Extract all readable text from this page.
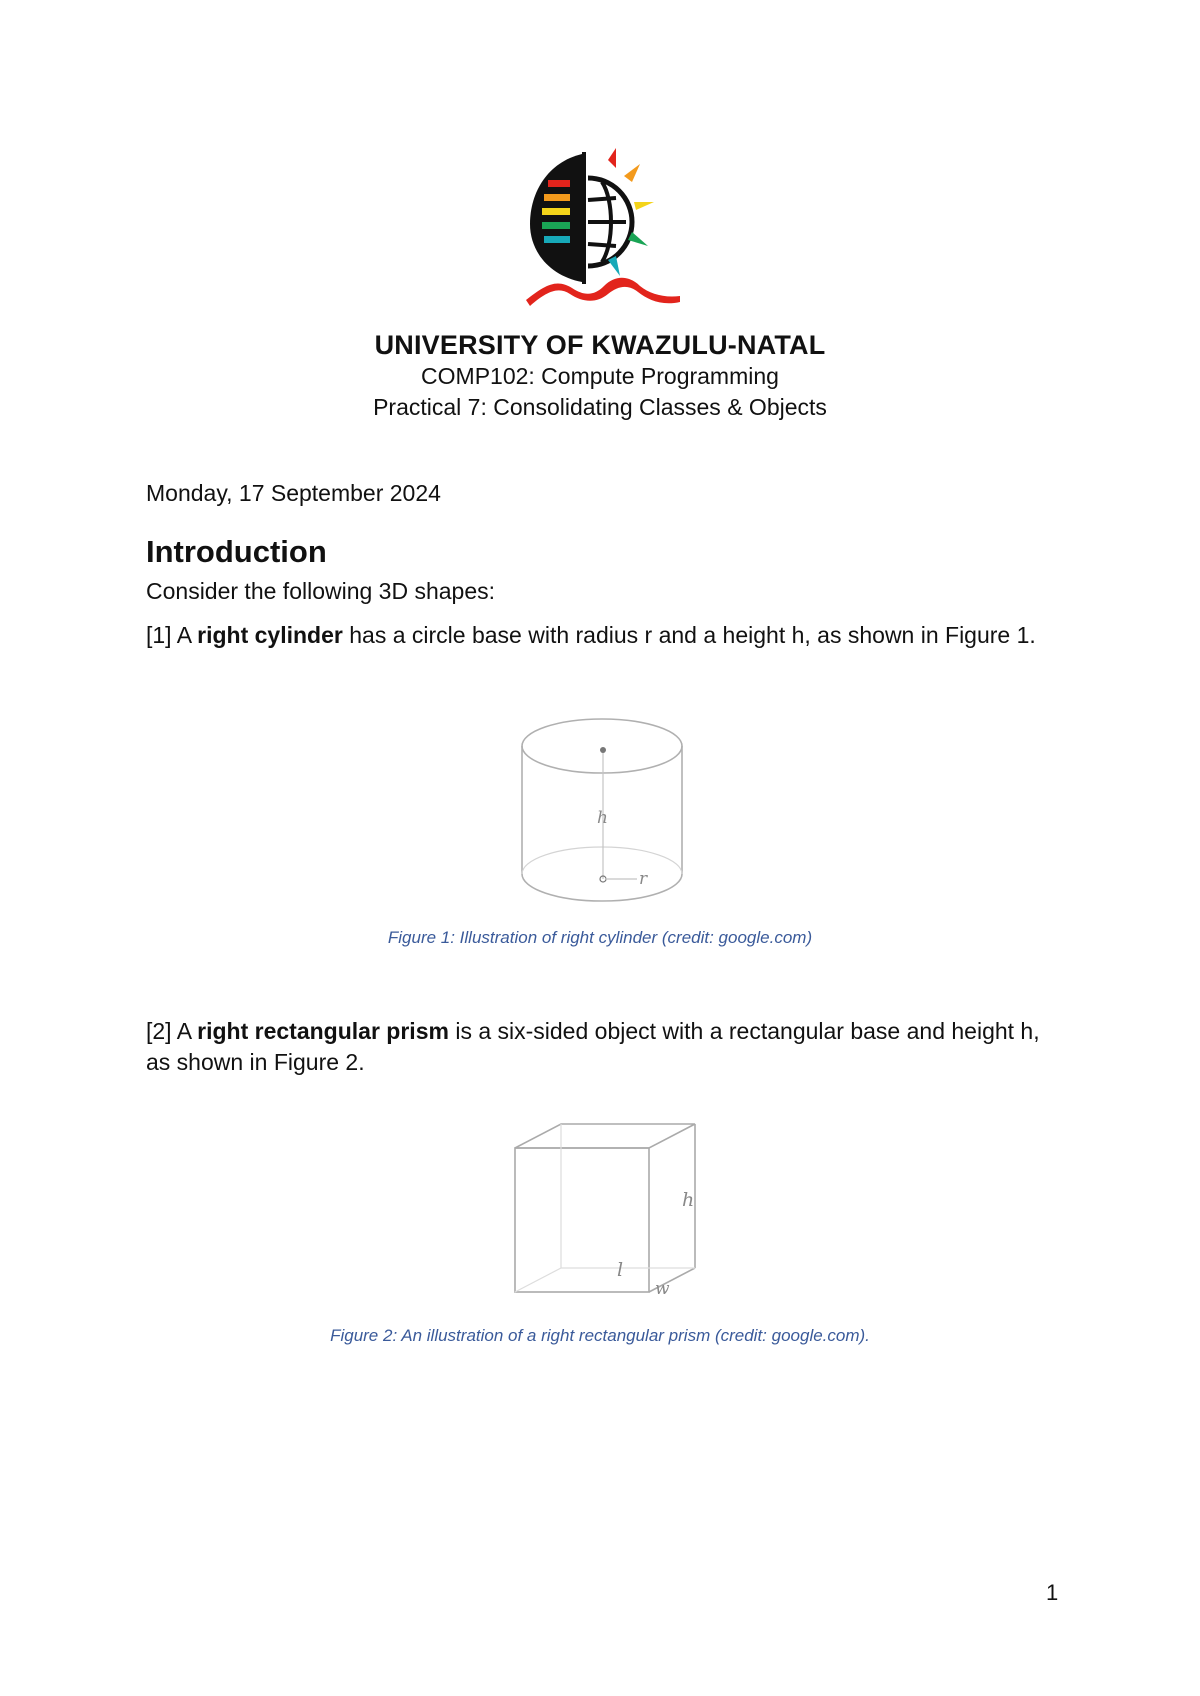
UNIVERSITY OF KWAZULU-NATAL
COMP102: Compute Programming
Practical 7: Consolidating Classes & Objects
Monday, 17 September 2024
Introduction
Consider the following 3D shapes:
[1] A right cylinder has a circle base with radius r and a height h, as shown in Figure 1.
h
r
Figure 1: Illustration of right cylinder (credit: google.com)
[2] A right rectangular prism is a six-sided object with a rectangular base and height h, as shown in Figure 2.
h
l
w
Figure 2: An illustration of a right rectangular prism (credit: google.com).
1
